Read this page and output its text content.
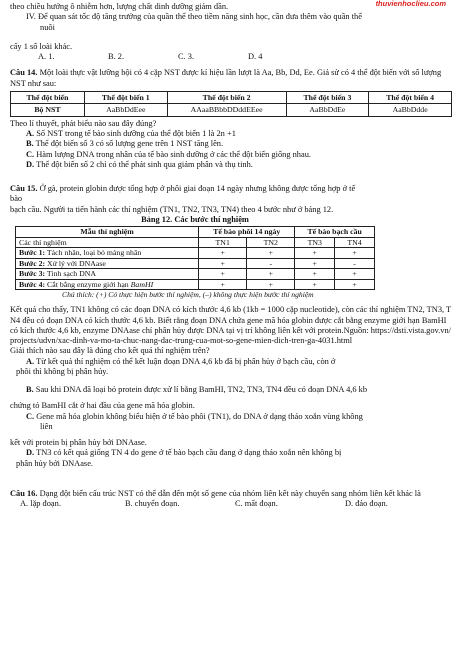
thuvienhoclieu.com

theo chiều hướng ô nhiễm hơn, lượng chất dinh dưỡng giảm dần.

IV. Để quan sát tốc độ tăng trưởng của quần thể theo tiềm năng sinh học, cần đưa thêm vào quần thể

nuôi

cấy 1 số loài khác.

A. 1.	B. 2.	C. 3.	D. 4

Câu 14. Một loài thực vật lưỡng bội có 4 cặp NST được kí hiệu lần lượt là Aa, Bb, Dd, Ee. Giả sử có 4 thể đột biến với số lượng NST như sau:

Thể đột biến	Thể đột biến 1	Thể đột biến 2	Thể đột biến 3	Thể đột biến 4
Bộ NST	AaBbDdEee	AAaaBBbbDDddEEee	AaBbDdEe	AaBbDdde

Theo lí thuyết, phát biểu nào sau đây đúng?

A. Số NST trong tế bào sinh dưỡng của thể đột biến 1 là 2n +1

B. Thể đột biến số 3 có số lượng gene trên 1 NST tăng lên.

C. Hàm lượng DNA trong nhân của tế bào sinh dưỡng ở các thể đột biến giống nhau.

D. Thể đột biến số 2 chỉ có thể phát sinh qua giảm phân và thụ tinh.

Câu 15. Ở gà, protein globin được tổng hợp ở phôi giai đoạn 14 ngày nhưng không được tổng hợp ở tế

bào

bạch cầu. Người ta tiến hành các thí nghiệm (TN1, TN2, TN3, TN4) theo 4 bước như ở bảng 12.

Bảng 12. Các bước thí nghiệm
Mẫu thí nghiệm	Tế bào phôi 14 ngày		Tế bào bạch cầu	
Các thí nghiệm	TN1	TN2	TN3	TN4
Bước 1: Tách nhân, loại bỏ màng nhân	+	+	+	+
Bước 2: Xử lý với DNAase	+	-	+	-
Bước 3: Tinh sạch DNA	+	+	+	+
Bước 4: Cắt bằng enzyme giới hạn BamHI	+	+	+	+

Chú thích: (+) Có thực hiện bước thí nghiệm, (–) không thực hiện bước thí nghiệm

Kết quả cho thấy, TN1 không có các đoạn DNA có kích thước 4,6 kb (1kb = 1000 cặp nucleotide), còn các thí nghiệm TN2, TN3, TN4 đều có đoạn DNA có kích thước 4,6 kb. Biết rằng đoạn DNA chứa gene mã hóa globin được cắt bằng enzyme giới hạn BamHI có kích thước 4,6 kb, enzyme DNAase chỉ phân hủy được DNA tại vị trí không liên kết với protein.Nguồn: https://dsti.vista.gov.vn/projects/udvn/xac-dinh-va-mo-ta-chuc-nang-dac-trung-cua-mot-so-gene-mien-dich-tren-ga-4031.html

Giải thích nào sau đây là đúng cho kết quả thí nghiệm trên?

A. Từ kết quả thí nghiệm có thể kết luận đoạn DNA 4,6 kb đã bị phân hủy ở bạch cầu, còn ở

phôi thì không bị phân hủy.

B. Sau khi DNA đã loại bỏ protein được xử lí bằng BamHI, TN2, TN3, TN4 đều có đoạn DNA 4,6 kb

chứng tỏ BamHI cắt ở hai đầu của gene mã hóa globin.

C. Gene mã hóa globin không biểu hiện ở tế bào phôi (TN1), do DNA ở dạng tháo xoắn vùng không

liên

kết với protein bị phân hủy bởi DNAase.

D. TN3 có kết quả giống TN 4 do gene ở tế bào bạch cầu đang ở dạng tháo xoắn nên không bị

phân hủy bởi DNAase.

Câu 16. Dạng đột biến cấu trúc NST có thể dẫn đến một số gene của nhóm liên kết này chuyển sang nhóm liên kết khác là

A. lặp đoạn.	B. chuyển đoạn.	C. mất đoạn.	D. đảo đoạn.
